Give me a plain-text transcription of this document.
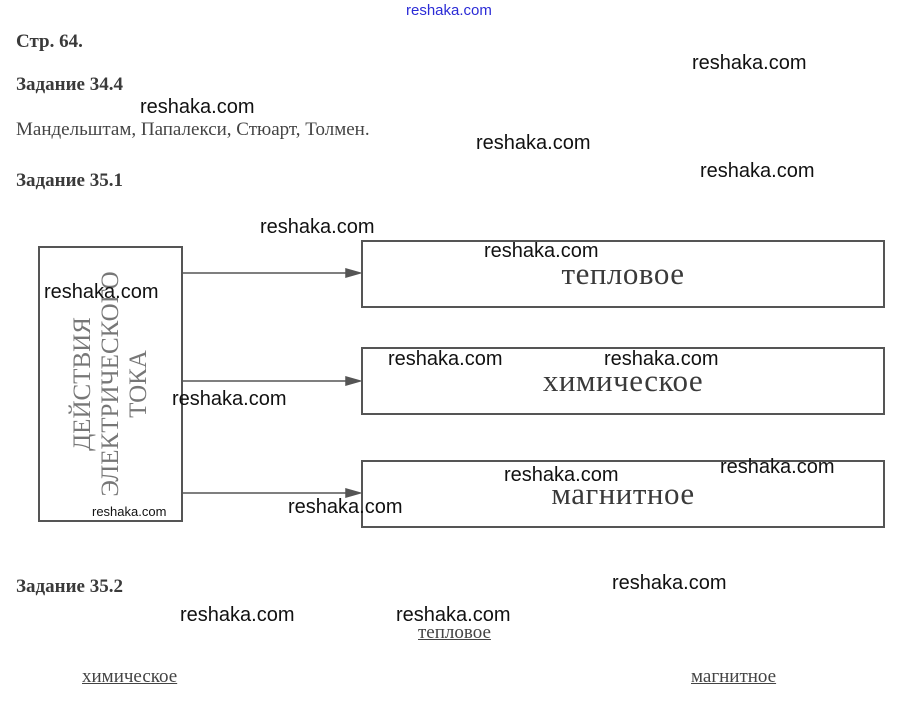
reshaka.com
Стр. 64.
Задание 34.4
Мандельштам, Папалекси, Стюарт, Толмен.
Задание 35.1
ДЕЙСТВИЯ ЭЛЕКТРИЧЕСКОГО ТОКА
тепловое
химическое
магнитное
Задание 35.2
тепловое
химическое	магнитное
reshaka.com
reshaka.com
reshaka.com
reshaka.com
reshaka.com
reshaka.com
reshaka.com
reshaka.com	reshaka.com
reshaka.com
reshaka.com
reshaka.com
reshaka.com
reshaka.com
reshaka.com
reshaka.com	reshaka.com
